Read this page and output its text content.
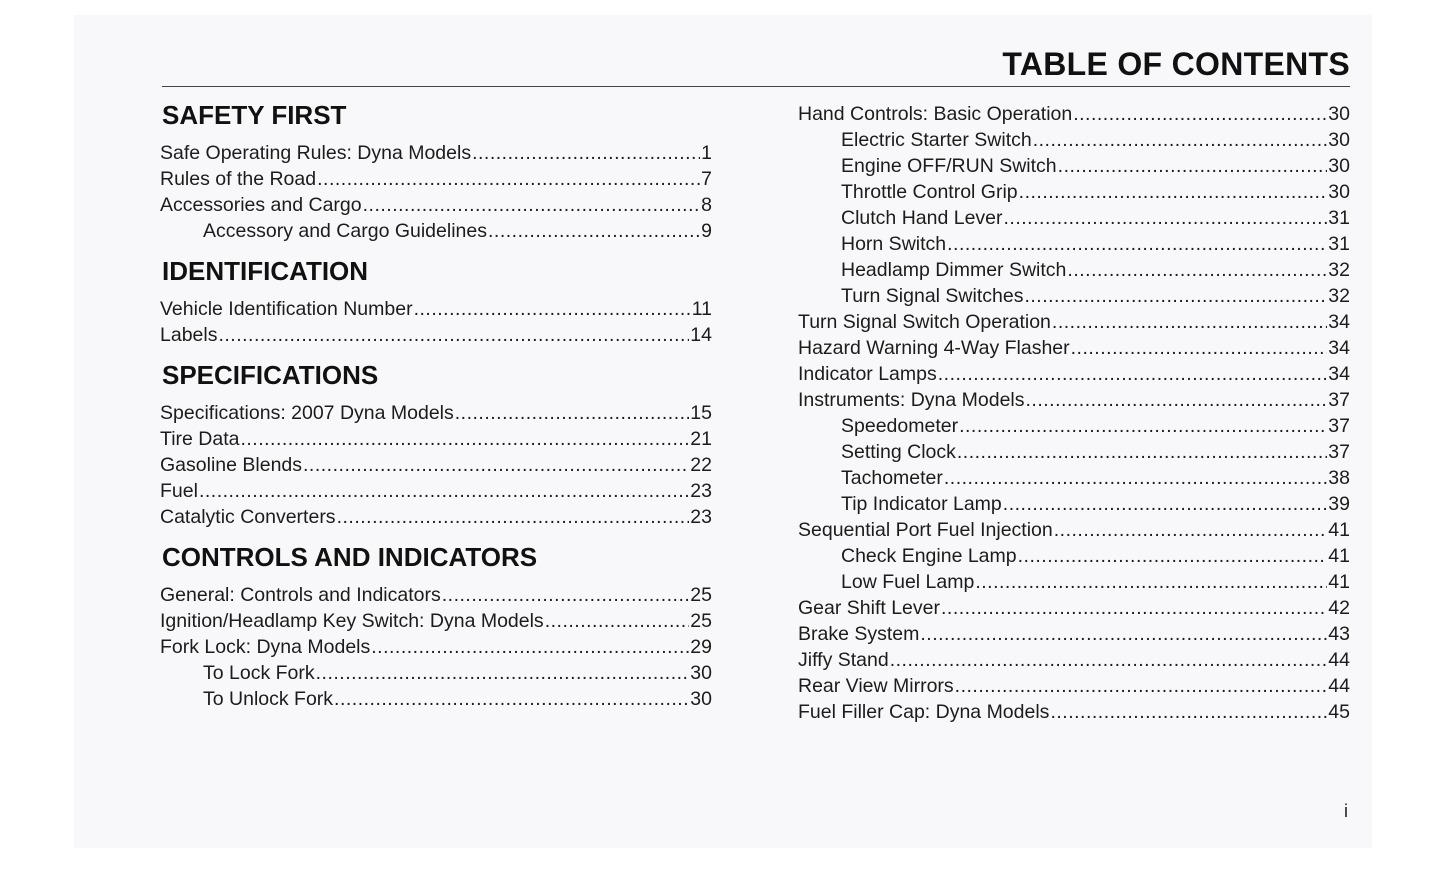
TABLE OF CONTENTS
SAFETY FIRST
Safe Operating Rules: Dyna Models .....	1
Rules of the Road .....	7
Accessories and Cargo .....	8
Accessory and Cargo Guidelines .....	9
IDENTIFICATION
Vehicle Identification Number .....	11
Labels .....	14
SPECIFICATIONS
Specifications: 2007 Dyna Models .....	15
Tire Data .....	21
Gasoline Blends .....	22
Fuel .....	23
Catalytic Converters .....	23
CONTROLS AND INDICATORS
General: Controls and Indicators .....	25
Ignition/Headlamp Key Switch: Dyna Models .....	25
Fork Lock: Dyna Models .....	29
To Lock Fork .....	30
To Unlock Fork .....	30
Hand Controls: Basic Operation .....	30
Electric Starter Switch .....	30
Engine OFF/RUN Switch .....	30
Throttle Control Grip .....	30
Clutch Hand Lever .....	31
Horn Switch .....	31
Headlamp Dimmer Switch .....	32
Turn Signal Switches .....	32
Turn Signal Switch Operation .....	34
Hazard Warning 4-Way Flasher .....	34
Indicator Lamps .....	34
Instruments: Dyna Models .....	37
Speedometer .....	37
Setting Clock .....	37
Tachometer .....	38
Tip Indicator Lamp .....	39
Sequential Port Fuel Injection .....	41
Check Engine Lamp .....	41
Low Fuel Lamp .....	41
Gear Shift Lever .....	42
Brake System .....	43
Jiffy Stand .....	44
Rear View Mirrors .....	44
Fuel Filler Cap: Dyna Models .....	45
i
